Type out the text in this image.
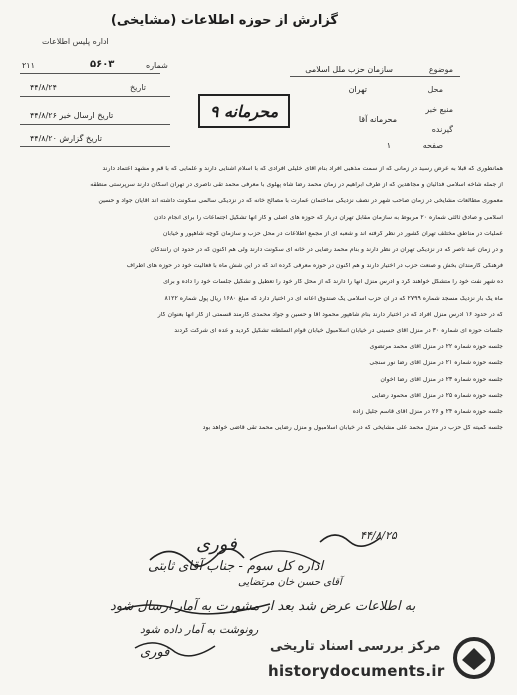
گزارش از حوزه اطلاعات (مشایخی)
موضوع
سازمان حزب ملل اسلامی
محل
تهران
منبع خبر
گیرنده
محرمانه آقا
صفحه
۱
اداره پلیس اطلاعات
شماره
۵۶۰۳
۲۱۱
تاریخ
۴۴/۸/۲۴
تاریخ ارسال خبر ۴۴/۸/۲۶
تاریخ گزارش ۴۴/۸/۲۰
محرمانه ۹
همانطوری که قبلاً به عرض رسید در زمانی که از سمت مذهبی افراد بنام آقای خلیلی افرادی که با اسلام آشنایی دارند و علمایی که با قم و مشهد اعتماد دارند
از جمله شاخه اسلامی فدائیان و مجاهدین که از طرف ابراهیم در زمان محمد رضا شاه پهلوی با معرفی محمد تقی ناصری در تهران اسکان دارند سرپرستی منطقه
معموری مطالعات مشایخی در زمان صاحب شهر در نصف نزدیکی ساختمان عمارت با مصالح خانه که در نزدیکی سالمی سکونت داشته اند آقایان جواد و حسین
اسلامی و صادق ثالثی شماره ۲۰ مربوط به سازمان مقابل تهران دربار که حوزه های اصلی و کار آنها تشکیل اجتماعات را برای انجام دادن
عملیات در مناطق مختلف تهران کشور در نظر گرفته اند و شعبه ای از مجمع اطلاعات در محل حزب و سازمان کوچه شاهپور و خیابان
و در زمان عید ناصر که در نزدیکی تهران در نظر دارند و بنام محمد رضایی در خانه ای سکونت دارند ولی هم اکنون که در حدود آن رانندگان
فرهنگی کارمندان بخش و صنعت حزب در اختیار دارند و هم اکنون در حوزه معرفی کرده اند که در این شش ماه با فعالیت خود در حوزه های اطراف
ده شهر نفت خود را متشکل خواهند کرد و آدرس منزل آنها را دارند که از محل کار خود را تعطیل و تشکیل جلسات خود را داده و برای
ماه یک بار نزدیک مسجد شماره ۲۷۹۹ که در آن حزب اسلامی یک صندوق اعانه ای در اختیار دارد که مبلغ ۱۶۸۰ ریال پول شماره ۸۱۲۲
که در حدود ۱۶ آدرس منزل افراد که در اختیار دارند بنام شاهپور محمود آقا و حسین و جواد محمدی کارمند قسمتی از کار آنها بعنوان کار
جلسات حوزه ای شماره ۳۰ در منزل آقای حسینی در خیابان اسلامبول خیابان قوام السلطنه تشکیل گردید و عده ای شرکت کردند
جلسه حوزه شماره ۲۲ در منزل آقای محمد مرتضوی
جلسه حوزه شماره ۲۱ در منزل آقای رضا نور سنجی
جلسه حوزه شماره ۲۳ در منزل آقای رضا اخوان
جلسه حوزه شماره ۲۵ در منزل آقای محمود رضایی
جلسه حوزه شماره ۲۴ و ۲۶ در منزل آقای قاسم جلیل زاده
جلسه کمیته کل حزب در منزل محمد علی مشایخی که در خیابان اسلامبول و منزل رضایی محمد تقی قاضی خواهد بود
۴۴/۸/۲۵
فوری
اداره کل سوم - جناب آقای ثابتی
آقای حسن خان مرتضایی
به اطلاعات عرض شد بعد از مشورت به آمار ارسال شود
رونوشت به آمار داده شود
فوری	مرکز بررسی اسناد تاریخی
historydocuments.ir
